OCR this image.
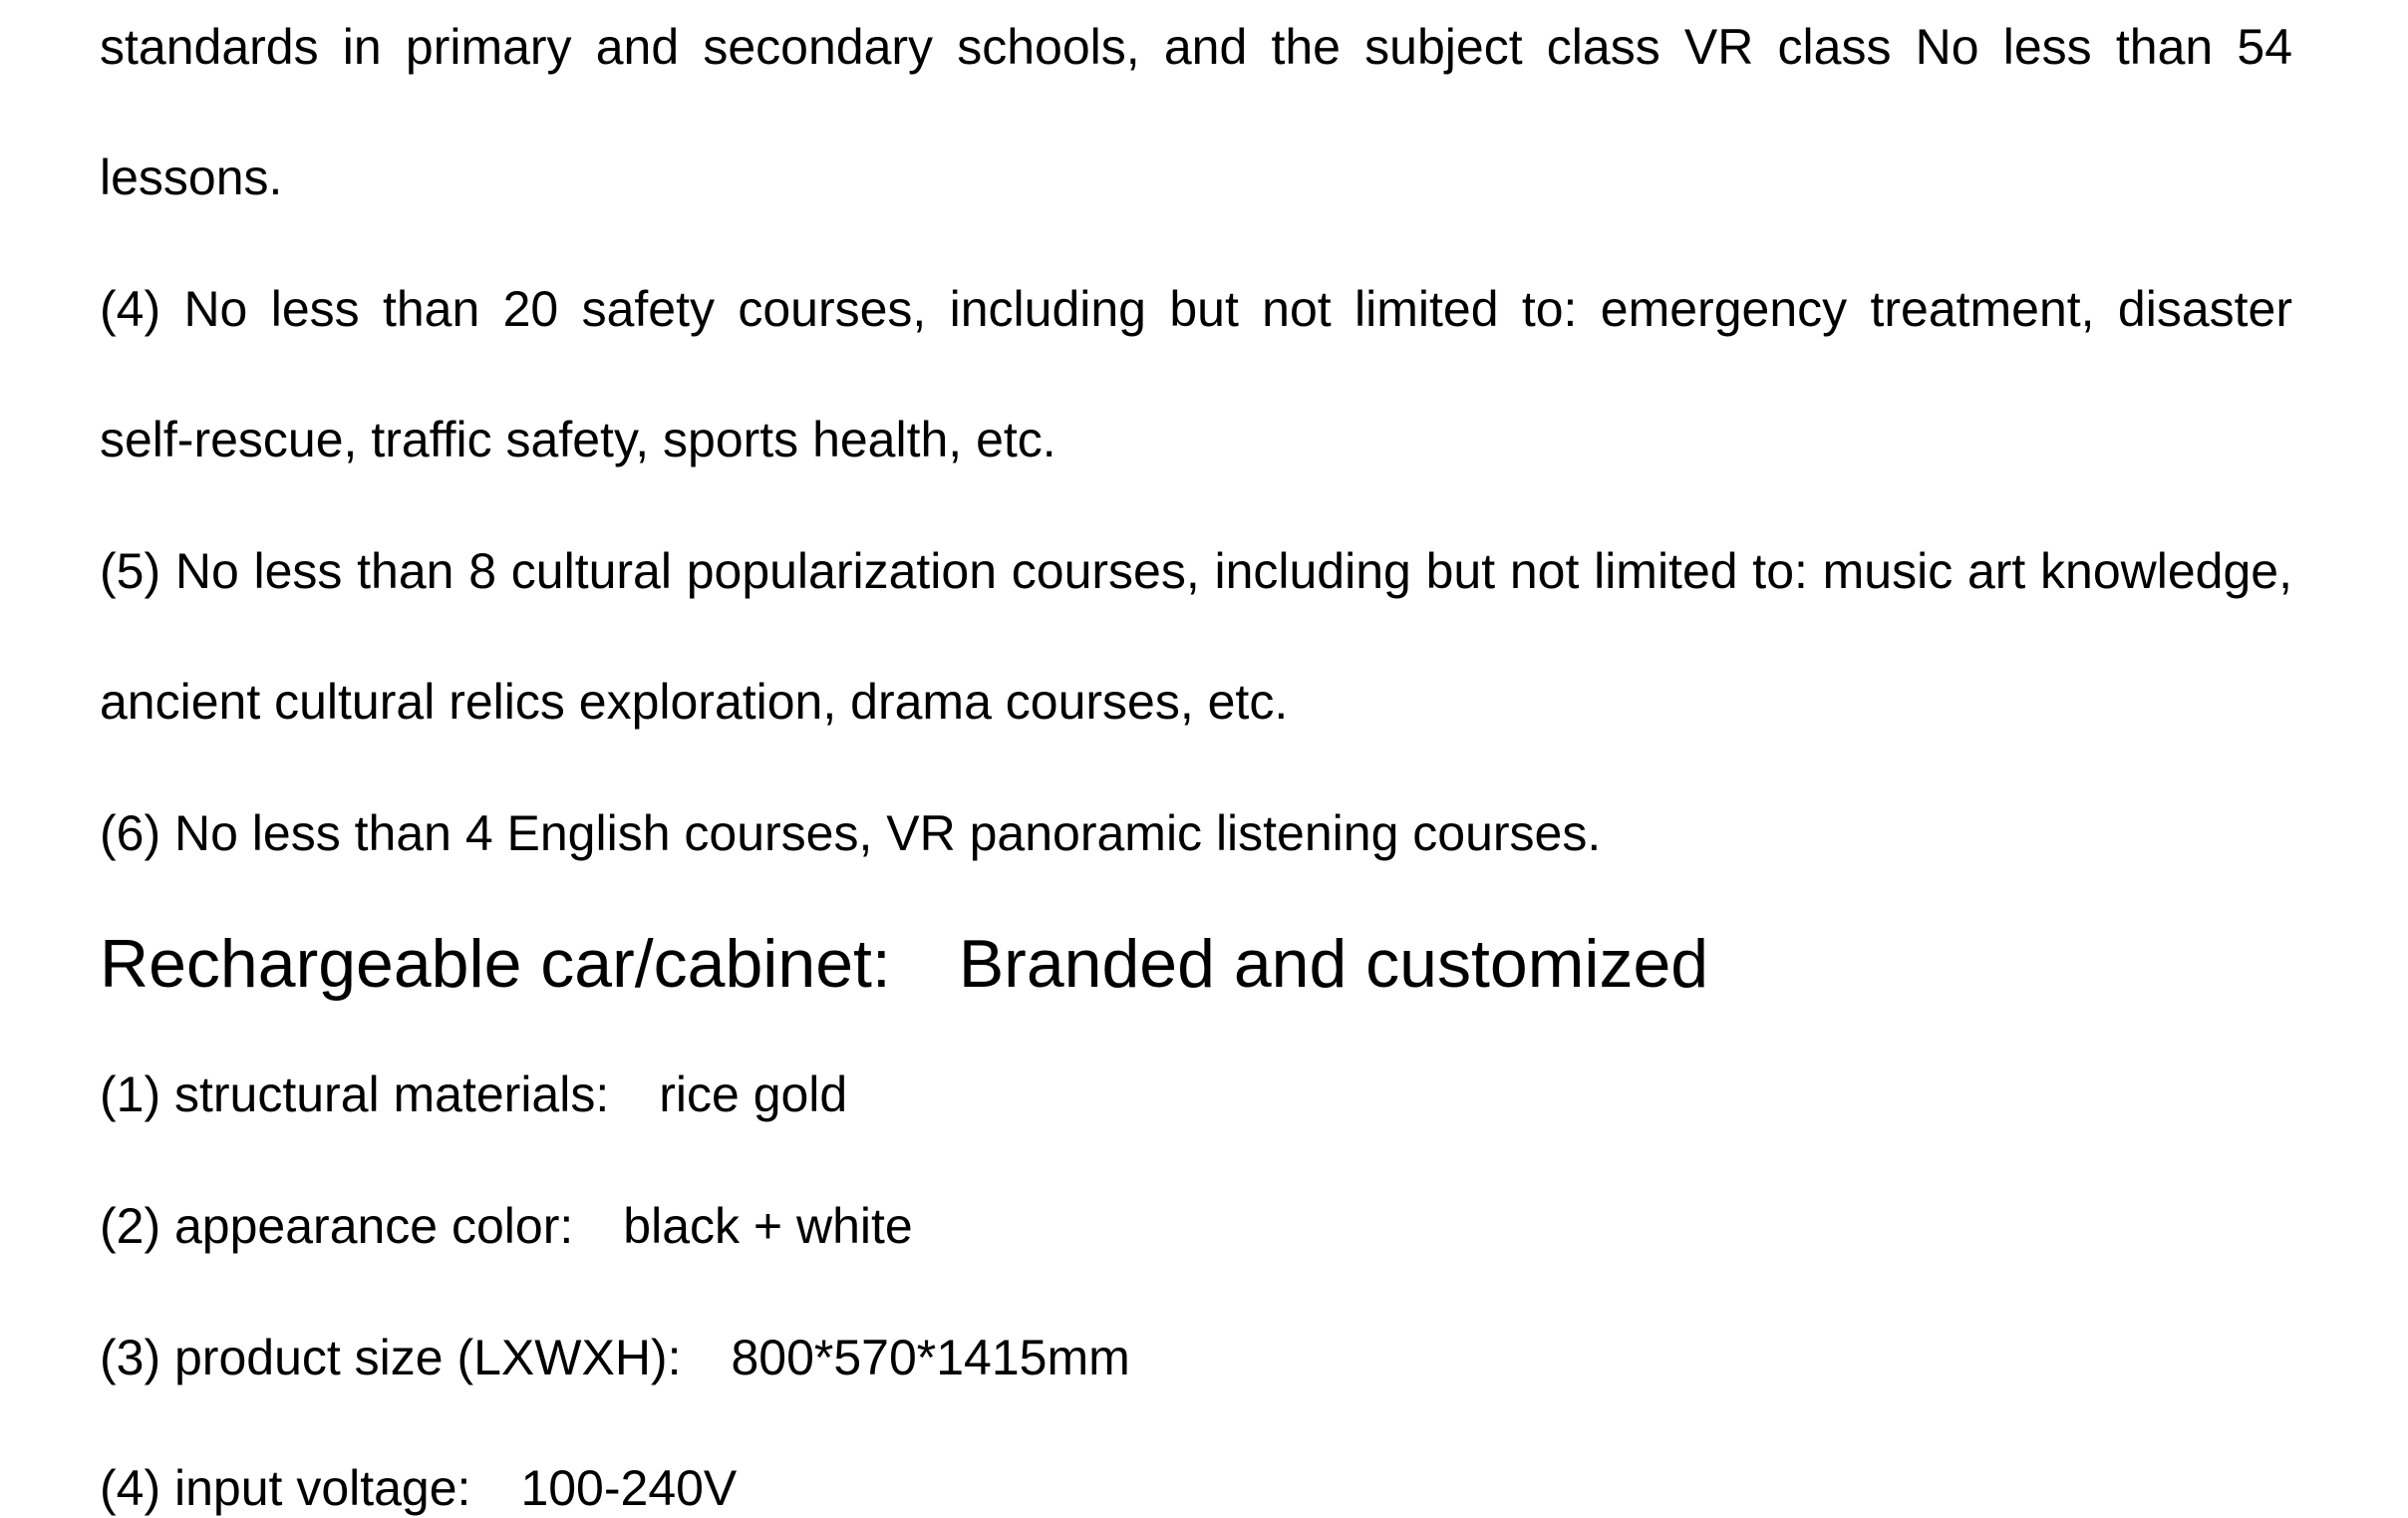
standards in primary and secondary schools, and the subject class VR class No less than 54
lessons.
(4) No less than 20 safety courses, including but not limited to: emergency treatment, disaster
self-rescue, traffic safety, sports health, etc.
(5) No less than 8 cultural popularization courses, including but not limited to: music art knowledge,
ancient cultural relics exploration, drama courses, etc.
(6) No less than 4 English courses, VR panoramic listening courses.
Rechargeable car/cabinet: Branded and customized
(1) structural materials: rice gold
(2) appearance color: black + white
(3) product size (LXWXH): 800*570*1415mm
(4) input voltage: 100-240V
